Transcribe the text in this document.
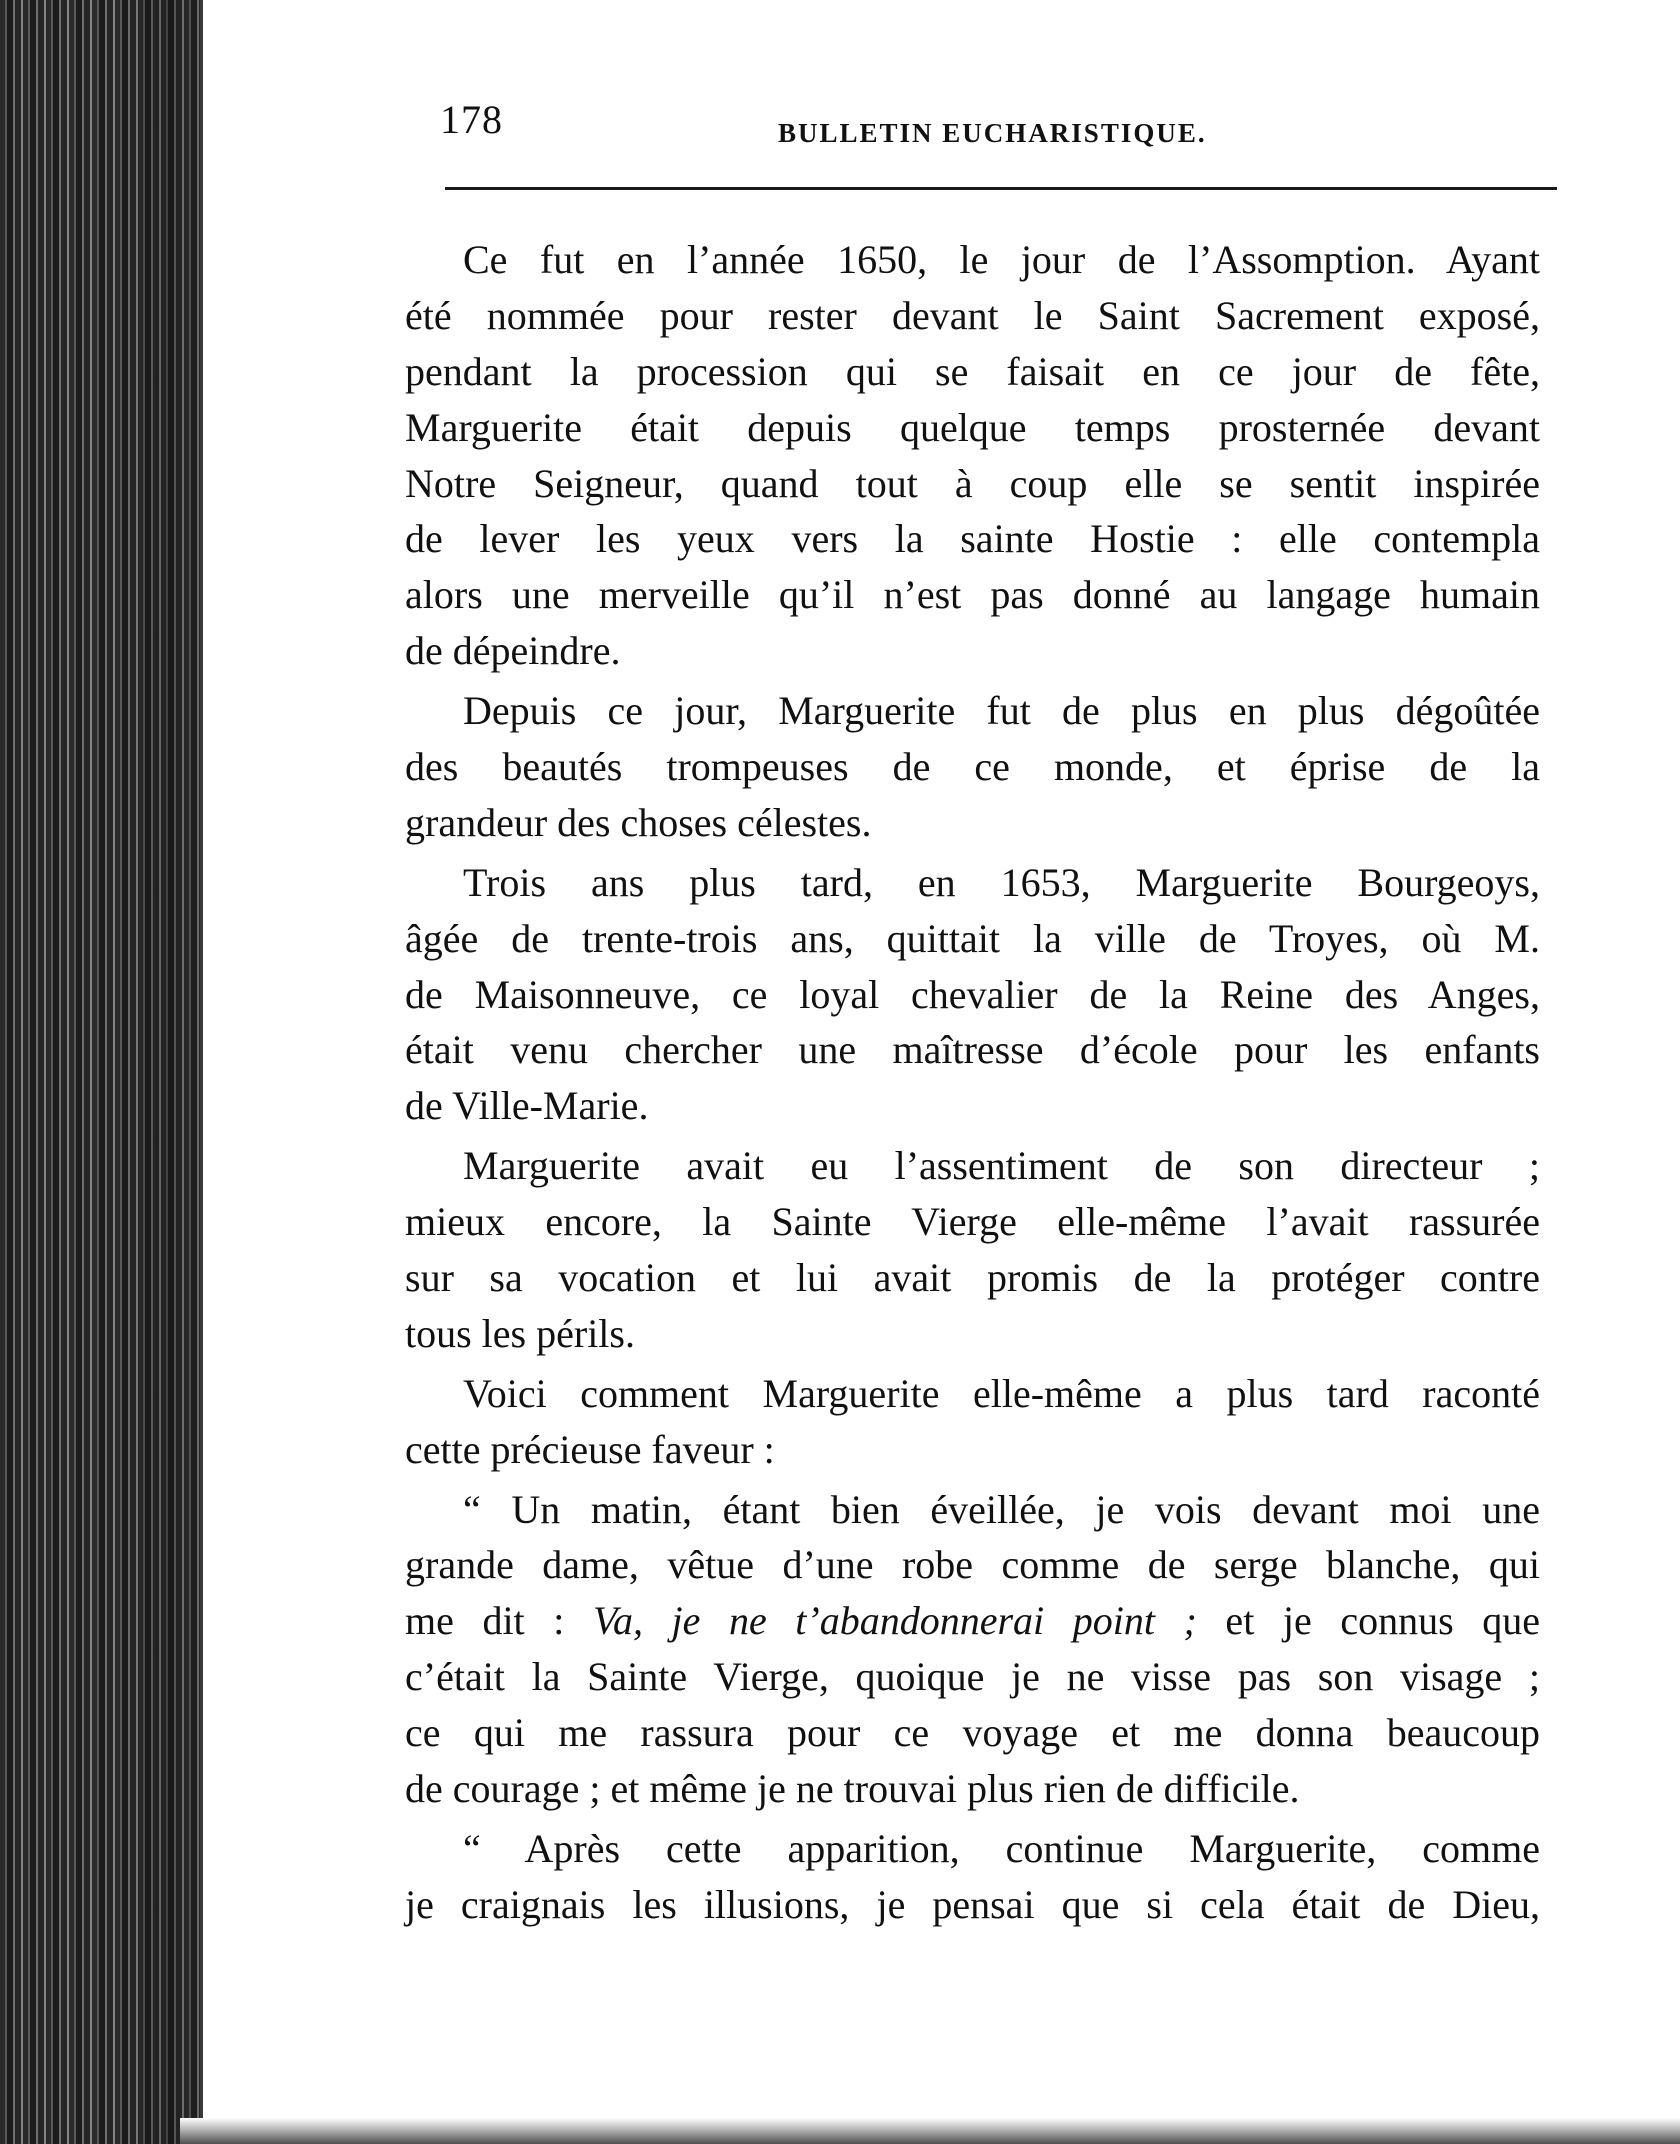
178	BULLETIN EUCHARISTIQUE.
Ce fut en l’année 1650, le jour de l’Assomption. Ayant
été nommée pour rester devant le Saint Sacrement exposé,
pendant la procession qui se faisait en ce jour de fête,
Marguerite était depuis quelque temps prosternée devant
Notre Seigneur, quand tout à coup elle se sentit inspirée
de lever les yeux vers la sainte Hostie : elle contempla
alors une merveille qu’il n’est pas donné au langage humain
de dépeindre.
Depuis ce jour, Marguerite fut de plus en plus dégoûtée
des beautés trompeuses de ce monde, et éprise de la
grandeur des choses célestes.
Trois ans plus tard, en 1653, Marguerite Bourgeoys,
âgée de trente-trois ans, quittait la ville de Troyes, où M.
de Maisonneuve, ce loyal chevalier de la Reine des Anges,
était venu chercher une maîtresse d’école pour les enfants
de Ville-Marie.
Marguerite avait eu l’assentiment de son directeur ;
mieux encore, la Sainte Vierge elle-même l’avait rassurée
sur sa vocation et lui avait promis de la protéger contre
tous les périls.
Voici comment Marguerite elle-même a plus tard raconté
cette précieuse faveur :
“ Un matin, étant bien éveillée, je vois devant moi une
grande dame, vêtue d’une robe comme de serge blanche, qui
me dit : Va, je ne t’abandonnerai point ; et je connus que
c’était la Sainte Vierge, quoique je ne visse pas son visage ;
ce qui me rassura pour ce voyage et me donna beaucoup
de courage ; et même je ne trouvai plus rien de difficile.
“ Après cette apparition, continue Marguerite, comme
je craignais les illusions, je pensai que si cela était de Dieu,
